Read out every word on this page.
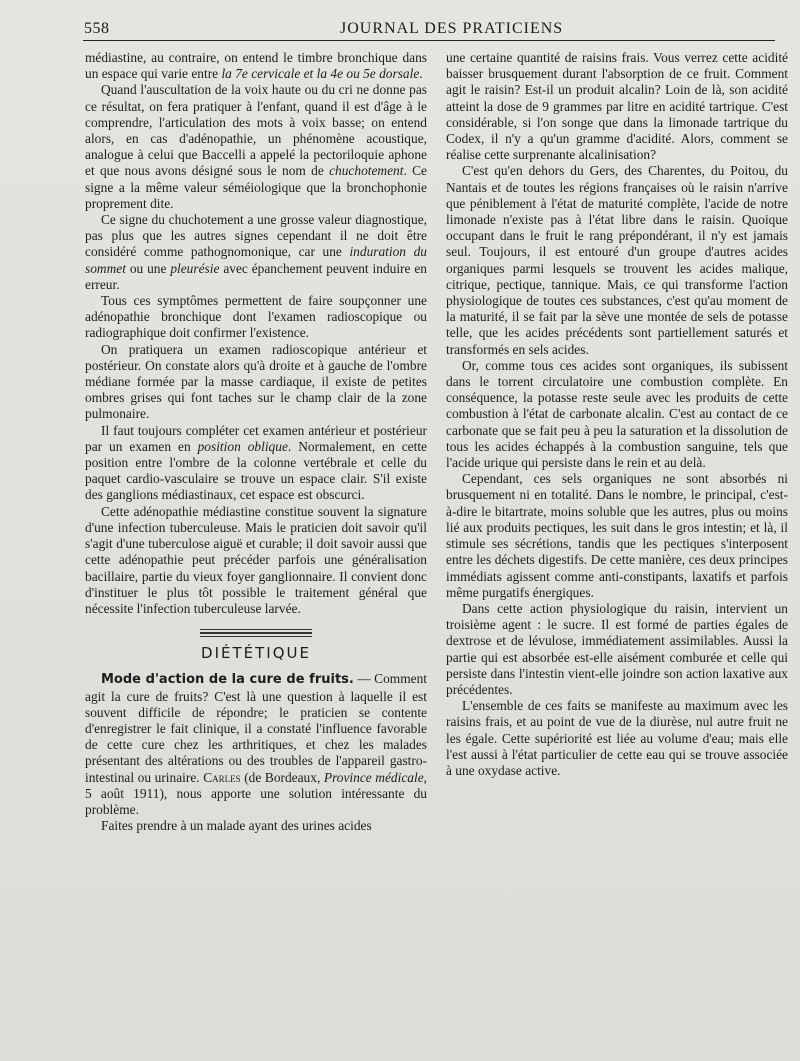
558	JOURNAL DES PRATICIENS

médiastine, au contraire, on entend le timbre bronchique dans un espace qui varie entre la 7e cervicale et la 4e ou 5e dorsale.

Quand l'auscultation de la voix haute ou du cri ne donne pas ce résultat, on fera pratiquer à l'enfant, quand il est d'âge à le comprendre, l'articulation des mots à voix basse; on entend alors, en cas d'adénopathie, un phénomène acoustique, analogue à celui que Baccelli a appelé la pectoriloquie aphone et que nous avons désigné sous le nom de chuchotement. Ce signe a la même valeur séméiologique que la bronchophonie proprement dite.

Ce signe du chuchotement a une grosse valeur diagnostique, pas plus que les autres signes cependant il ne doit être considéré comme pathognomonique, car une induration du sommet ou une pleurésie avec épanchement peuvent induire en erreur.

Tous ces symptômes permettent de faire soupçonner une adénopathie bronchique dont l'examen radioscopique ou radiographique doit confirmer l'existence.

On pratiquera un examen radioscopique antérieur et postérieur. On constate alors qu'à droite et à gauche de l'ombre médiane formée par la masse cardiaque, il existe de petites ombres grises qui font taches sur le champ clair de la zone pulmonaire.

Il faut toujours compléter cet examen antérieur et postérieur par un examen en position oblique. Normalement, en cette position entre l'ombre de la colonne vertébrale et celle du paquet cardio-vasculaire se trouve un espace clair. S'il existe des ganglions médiastinaux, cet espace est obscurci.

Cette adénopathie médiastine constitue souvent la signature d'une infection tuberculeuse. Mais le praticien doit savoir qu'il s'agit d'une tuberculose aiguë et curable; il doit savoir aussi que cette adénopathie peut précéder parfois une généralisation bacillaire, partie du vieux foyer ganglionnaire. Il convient donc d'instituer le plus tôt possible le traitement général que nécessite l'infection tuberculeuse larvée.

DIÉTÉTIQUE

Mode d'action de la cure de fruits. — Comment agit la cure de fruits? C'est là une question à laquelle il est souvent difficile de répondre; le praticien se contente d'enregistrer le fait clinique, il a constaté l'influence favorable de cette cure chez les arthritiques, et chez les malades présentant des altérations ou des troubles de l'appareil gastro-intestinal ou urinaire. Carles (de Bordeaux, Province médicale, 5 août 1911), nous apporte une solution intéressante du problème.

Faites prendre à un malade ayant des urines acides

une certaine quantité de raisins frais. Vous verrez cette acidité baisser brusquement durant l'absorption de ce fruit. Comment agit le raisin? Est-il un produit alcalin? Loin de là, son acidité atteint la dose de 9 grammes par litre en acidité tartrique. C'est considérable, si l'on songe que dans la limonade tartrique du Codex, il n'y a qu'un gramme d'acidité. Alors, comment se réalise cette surprenante alcalinisation?

C'est qu'en dehors du Gers, des Charentes, du Poitou, du Nantais et de toutes les régions françaises où le raisin n'arrive que péniblement à l'état de maturité complète, l'acide de notre limonade n'existe pas à l'état libre dans le raisin. Quoique occupant dans le fruit le rang prépondérant, il n'y est jamais seul. Toujours, il est entouré d'un groupe d'autres acides organiques parmi lesquels se trouvent les acides malique, citrique, pectique, tannique. Mais, ce qui transforme l'action physiologique de toutes ces substances, c'est qu'au moment de la maturité, il se fait par la sève une montée de sels de potasse telle, que les acides précédents sont partiellement saturés et transformés en sels acides.

Or, comme tous ces acides sont organiques, ils subissent dans le torrent circulatoire une combustion complète. En conséquence, la potasse reste seule avec les produits de cette combustion à l'état de carbonate alcalin. C'est au contact de ce carbonate que se fait peu à peu la saturation et la dissolution de tous les acides échappés à la combustion sanguine, tels que l'acide urique qui persiste dans le rein et au delà.

Cependant, ces sels organiques ne sont absorbés ni brusquement ni en totalité. Dans le nombre, le principal, c'est-à-dire le bitartrate, moins soluble que les autres, plus ou moins lié aux produits pectiques, les suit dans le gros intestin; et là, il stimule ses sécrétions, tandis que les pectiques s'interposent entre les déchets digestifs. De cette manière, ces deux principes immédiats agissent comme anti-constipants, laxatifs et parfois même purgatifs énergiques.

Dans cette action physiologique du raisin, intervient un troisième agent : le sucre. Il est formé de parties égales de dextrose et de lévulose, immédiatement assimilables. Aussi la partie qui est absorbée est-elle aisément comburée et celle qui persiste dans l'intestin vient-elle joindre son action laxative aux précédentes.

L'ensemble de ces faits se manifeste au maximum avec les raisins frais, et au point de vue de la diurèse, nul autre fruit ne les égale. Cette supériorité est liée au volume d'eau; mais elle l'est aussi à l'état particulier de cette eau qui se trouve associée à une oxydase active.
